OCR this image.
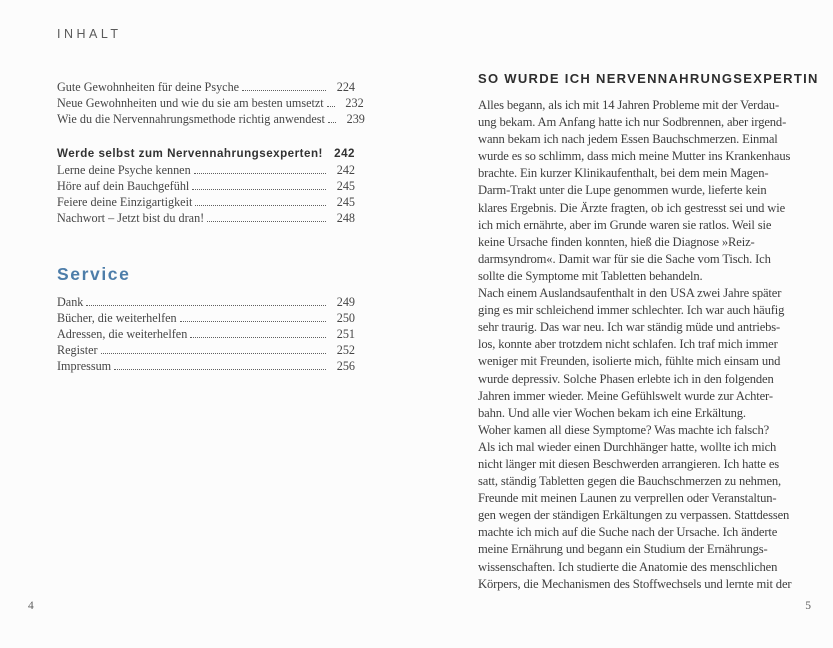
INHALT
Gute Gewohnheiten für deine Psyche	224
Neue Gewohnheiten und wie du sie am besten umsetzt	232
Wie du die Nervennahrungsmethode richtig anwendest	239
Werde selbst zum Nervennahrungsexperten! 242
Lerne deine Psyche kennen	242
Höre auf dein Bauchgefühl	245
Feiere deine Einzigartigkeit	245
Nachwort – Jetzt bist du dran!	248
Service
Dank	249
Bücher, die weiterhelfen	250
Adressen, die weiterhelfen	251
Register	252
Impressum	256
SO WURDE ICH NERVENNAHRUNGSEXPERTIN
Alles begann, als ich mit 14 Jahren Probleme mit der Verdau-
ung bekam. Am Anfang hatte ich nur Sodbrennen, aber irgend-
wann bekam ich nach jedem Essen Bauchschmerzen. Einmal
wurde es so schlimm, dass mich meine Mutter ins Krankenhaus
brachte. Ein kurzer Klinikaufenthalt, bei dem mein Magen-
Darm-Trakt unter die Lupe genommen wurde, lieferte kein
klares Ergebnis. Die Ärzte fragten, ob ich gestresst sei und wie
ich mich ernährte, aber im Grunde waren sie ratlos. Weil sie
keine Ursache finden konnten, hieß die Diagnose »Reiz-
darmsyndrom«. Damit war für sie die Sache vom Tisch. Ich
sollte die Symptome mit Tabletten behandeln.
Nach einem Auslandsaufenthalt in den USA zwei Jahre später
ging es mir schleichend immer schlechter. Ich war auch häufig
sehr traurig. Das war neu. Ich war ständig müde und antriebs-
los, konnte aber trotzdem nicht schlafen. Ich traf mich immer
weniger mit Freunden, isolierte mich, fühlte mich einsam und
wurde depressiv. Solche Phasen erlebte ich in den folgenden
Jahren immer wieder. Meine Gefühlswelt wurde zur Achter-
bahn. Und alle vier Wochen bekam ich eine Erkältung.
Woher kamen all diese Symptome? Was machte ich falsch?
Als ich mal wieder einen Durchhänger hatte, wollte ich mich
nicht länger mit diesen Beschwerden arrangieren. Ich hatte es
satt, ständig Tabletten gegen die Bauchschmerzen zu nehmen,
Freunde mit meinen Launen zu verprellen oder Veranstaltun-
gen wegen der ständigen Erkältungen zu verpassen. Stattdessen
machte ich mich auf die Suche nach der Ursache. Ich änderte
meine Ernährung und begann ein Studium der Ernährungs-
wissenschaften. Ich studierte die Anatomie des menschlichen
Körpers, die Mechanismen des Stoffwechsels und lernte mit der
4	5
